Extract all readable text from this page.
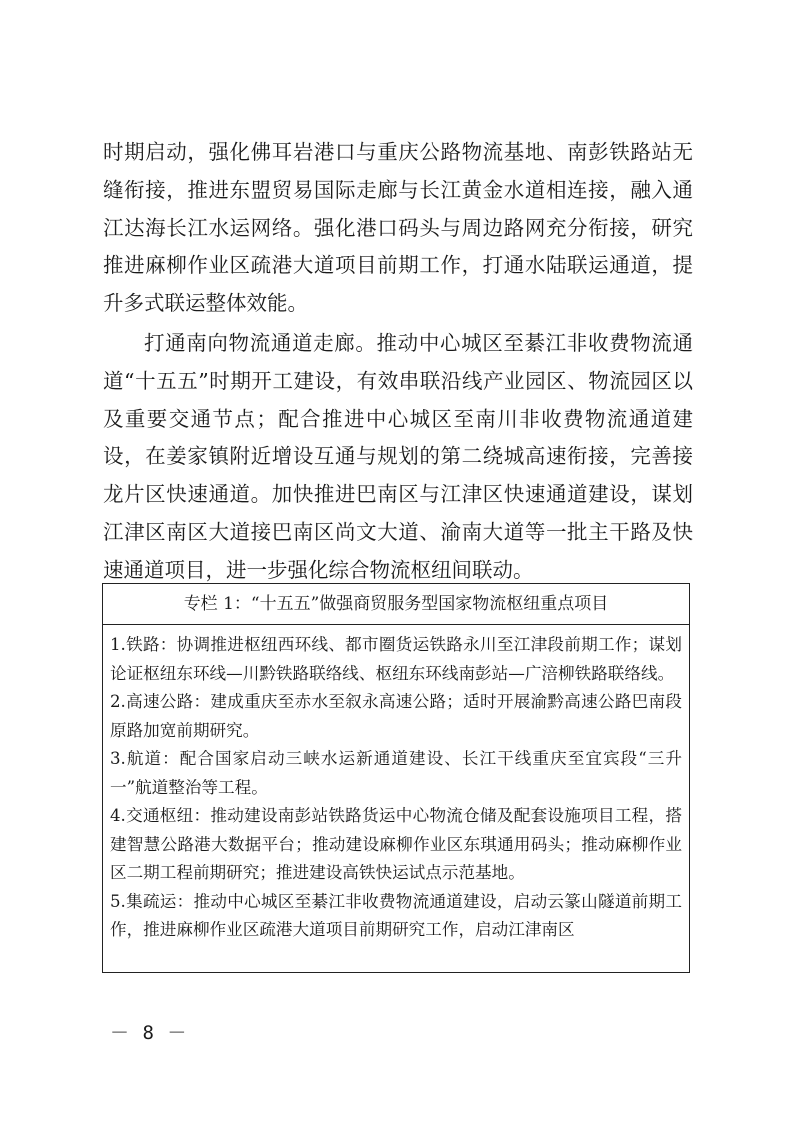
时期启动，强化佛耳岩港口与重庆公路物流基地、南彭铁路站无缝衔接，推进东盟贸易国际走廊与长江黄金水道相连接，融入通江达海长江水运网络。强化港口码头与周边路网充分衔接，研究推进麻柳作业区疏港大道项目前期工作，打通水陆联运通道，提升多式联运整体效能。

打通南向物流通道走廊。推动中心城区至綦江非收费物流通道“十五五”时期开工建设，有效串联沿线产业园区、物流园区以及重要交通节点；配合推进中心城区至南川非收费物流通道建设，在姜家镇附近增设互通与规划的第二绕城高速衔接，完善接龙片区快速通道。加快推进巴南区与江津区快速通道建设，谋划江津区南区大道接巴南区尚文大道、渝南大道等一批主干路及快速通道项目，进一步强化综合物流枢纽间联动。

专栏 1：“十五五”做强商贸服务型国家物流枢纽重点项目

1.铁路：协调推进枢纽西环线、都市圈货运铁路永川至江津段前期工作；谋划论证枢纽东环线—川黔铁路联络线、枢纽东环线南彭站—广涪柳铁路联络线。

2.高速公路：建成重庆至赤水至叙永高速公路；适时开展渝黔高速公路巴南段原路加宽前期研究。

3.航道：配合国家启动三峡水运新通道建设、长江干线重庆至宜宾段“三升一”航道整治等工程。

4.交通枢纽：推动建设南彭站铁路货运中心物流仓储及配套设施项目工程，搭建智慧公路港大数据平台；推动建设麻柳作业区东琪通用码头；推动麻柳作业区二期工程前期研究；推进建设高铁快运试点示范基地。

5.集疏运：推动中心城区至綦江非收费物流通道建设，启动云篆山隧道前期工作，推进麻柳作业区疏港大道项目前期研究工作，启动江津南区

－ 8 －
